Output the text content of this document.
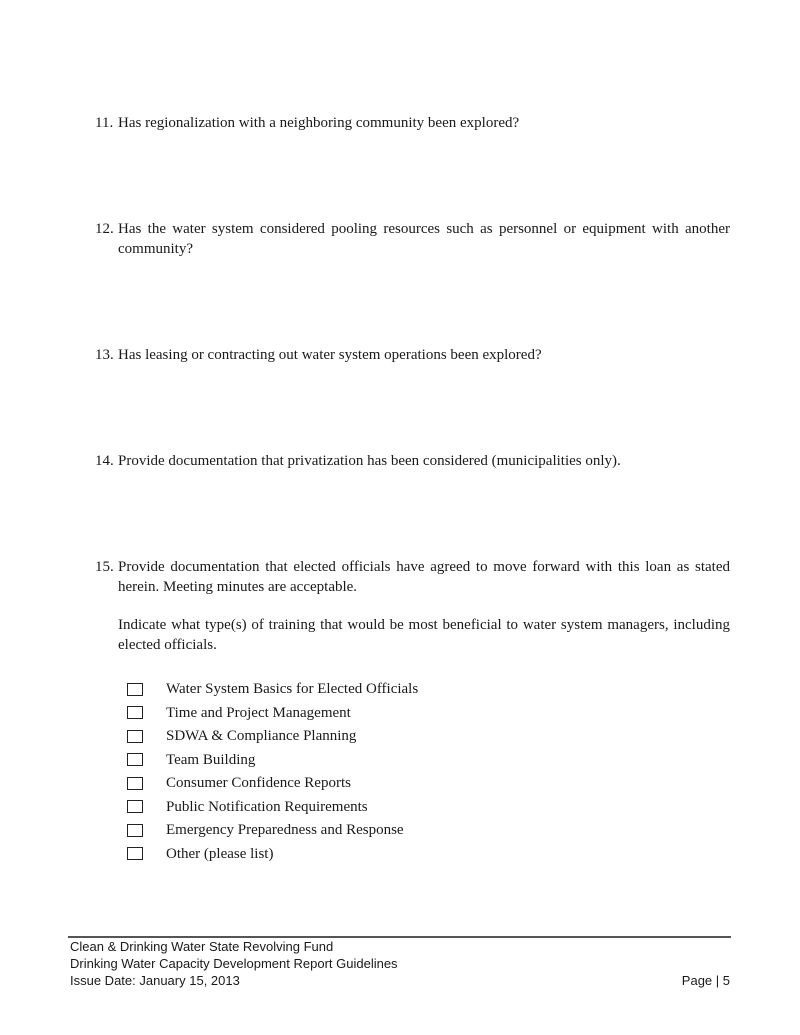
11. Has regionalization with a neighboring community been explored?
12. Has the water system considered pooling resources such as personnel or equipment with another community?
13. Has leasing or contracting out water system operations been explored?
14. Provide documentation that privatization has been considered (municipalities only).
15. Provide documentation that elected officials have agreed to move forward with this loan as stated herein. Meeting minutes are acceptable.
Indicate what type(s) of training that would be most beneficial to water system managers, including elected officials.
Water System Basics for Elected Officials
Time and Project Management
SDWA & Compliance Planning
Team Building
Consumer Confidence Reports
Public Notification Requirements
Emergency Preparedness and Response
Other (please list)
Clean & Drinking Water State Revolving Fund
Drinking Water Capacity Development Report Guidelines
Issue Date: January 15, 2013	Page | 5
